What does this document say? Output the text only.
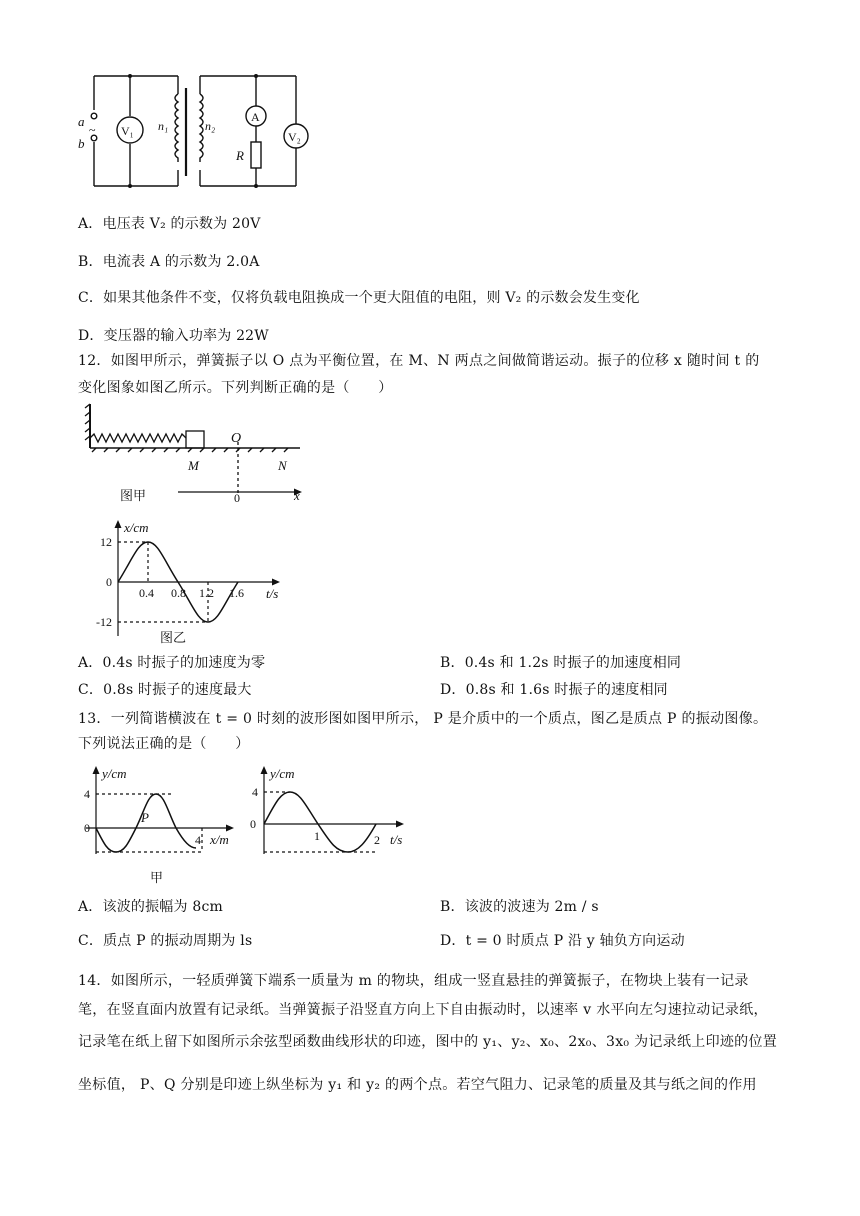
a
b
~ V₁ n₁	n₂
A
R
V₂
A．电压表 V₂ 的示数为 20V
B．电流表 A 的示数为 2.0A
C．如果其他条件不变，仅将负载电阻换成一个更大阻值的电阻，则 V₂ 的示数会发生变化
D．变压器的输入功率为 22W
12．如图甲所示，弹簧振子以 O 点为平衡位置，在 M、N 两点之间做简谐运动。振子的位移 x 随时间 t 的
变化图象如图乙所示。下列判断正确的是（　　）
O
M	N
0	x
图甲
x/cm
t/s
12
0
-12
0.4 0.8 1.2 1.6
图乙
A．0.4s 时振子的加速度为零	B．0.4s 和 1.2s 时振子的加速度相同
C．0.8s 时振子的速度最大	D．0.8s 和 1.6s 时振子的速度相同
13．一列简谐横波在 t = 0 时刻的波形图如图甲所示， P 是介质中的一个质点，图乙是质点 P 的振动图像。
下列说法正确的是（　　）
y/cm
4
0
P
4 x/m
甲
y/cm
4
0
1	2 t/s
A．该波的振幅为 8cm	B．该波的波速为 2m / s
C．质点 P 的振动周期为 ls	D．t = 0 时质点 P 沿 y 轴负方向运动
14．如图所示，一轻质弹簧下端系一质量为 m 的物块，组成一竖直悬挂的弹簧振子，在物块上装有一记录
笔，在竖直面内放置有记录纸。当弹簧振子沿竖直方向上下自由振动时，以速率 v 水平向左匀速拉动记录纸，
记录笔在纸上留下如图所示余弦型函数曲线形状的印迹，图中的 y₁、y₂、x₀、2x₀、3x₀ 为记录纸上印迹的位置
坐标值， P、Q 分别是印迹上纵坐标为 y₁ 和 y₂ 的两个点。若空气阻力、记录笔的质量及其与纸之间的作用
